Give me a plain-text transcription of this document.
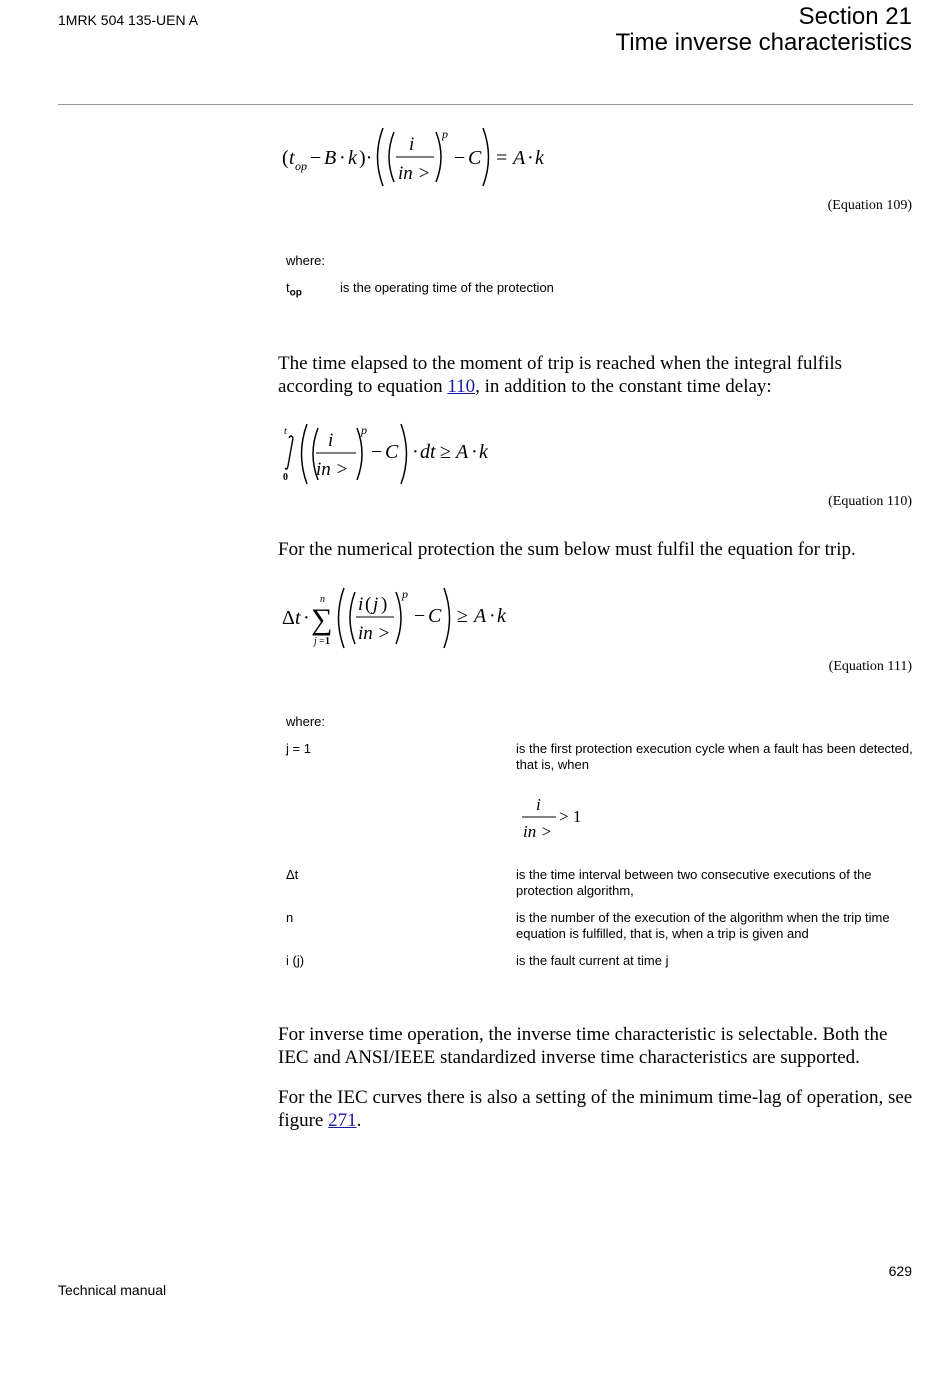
1MRK 504 135-UEN A	Section 21
Time inverse characteristics
( t op − B · k )·
i
in >
p
− C = A · k
(Equation 109)
where:
$t_{op}$	is the operating time of the protection
The time elapsed to the moment of trip is reached when the integral fulfils according to equation 110, in addition to the constant time delay:
t
0
i
in >
p
− C · dt ≥ A · k
(Equation 110)
For the numerical protection the sum below must fulfil the equation for trip.
Δ t ·
n
∑
j = 1
i ( j )
in >
p
− C ≥ A · k
(Equation 111)
where:
j = 1	is the first protection execution cycle when a fault has been detected, that is, when
i
in >
> 1
Δt	is the time interval between two consecutive executions of the protection algorithm,
n	is the number of the execution of the algorithm when the trip time equation is fulfilled, that is, when a trip is given and
i (j)	is the fault current at time j
For inverse time operation, the inverse time characteristic is selectable. Both the IEC and ANSI/IEEE standardized inverse time characteristics are supported.
For the IEC curves there is also a setting of the minimum time-lag of operation, see figure 271.
629
Technical manual
